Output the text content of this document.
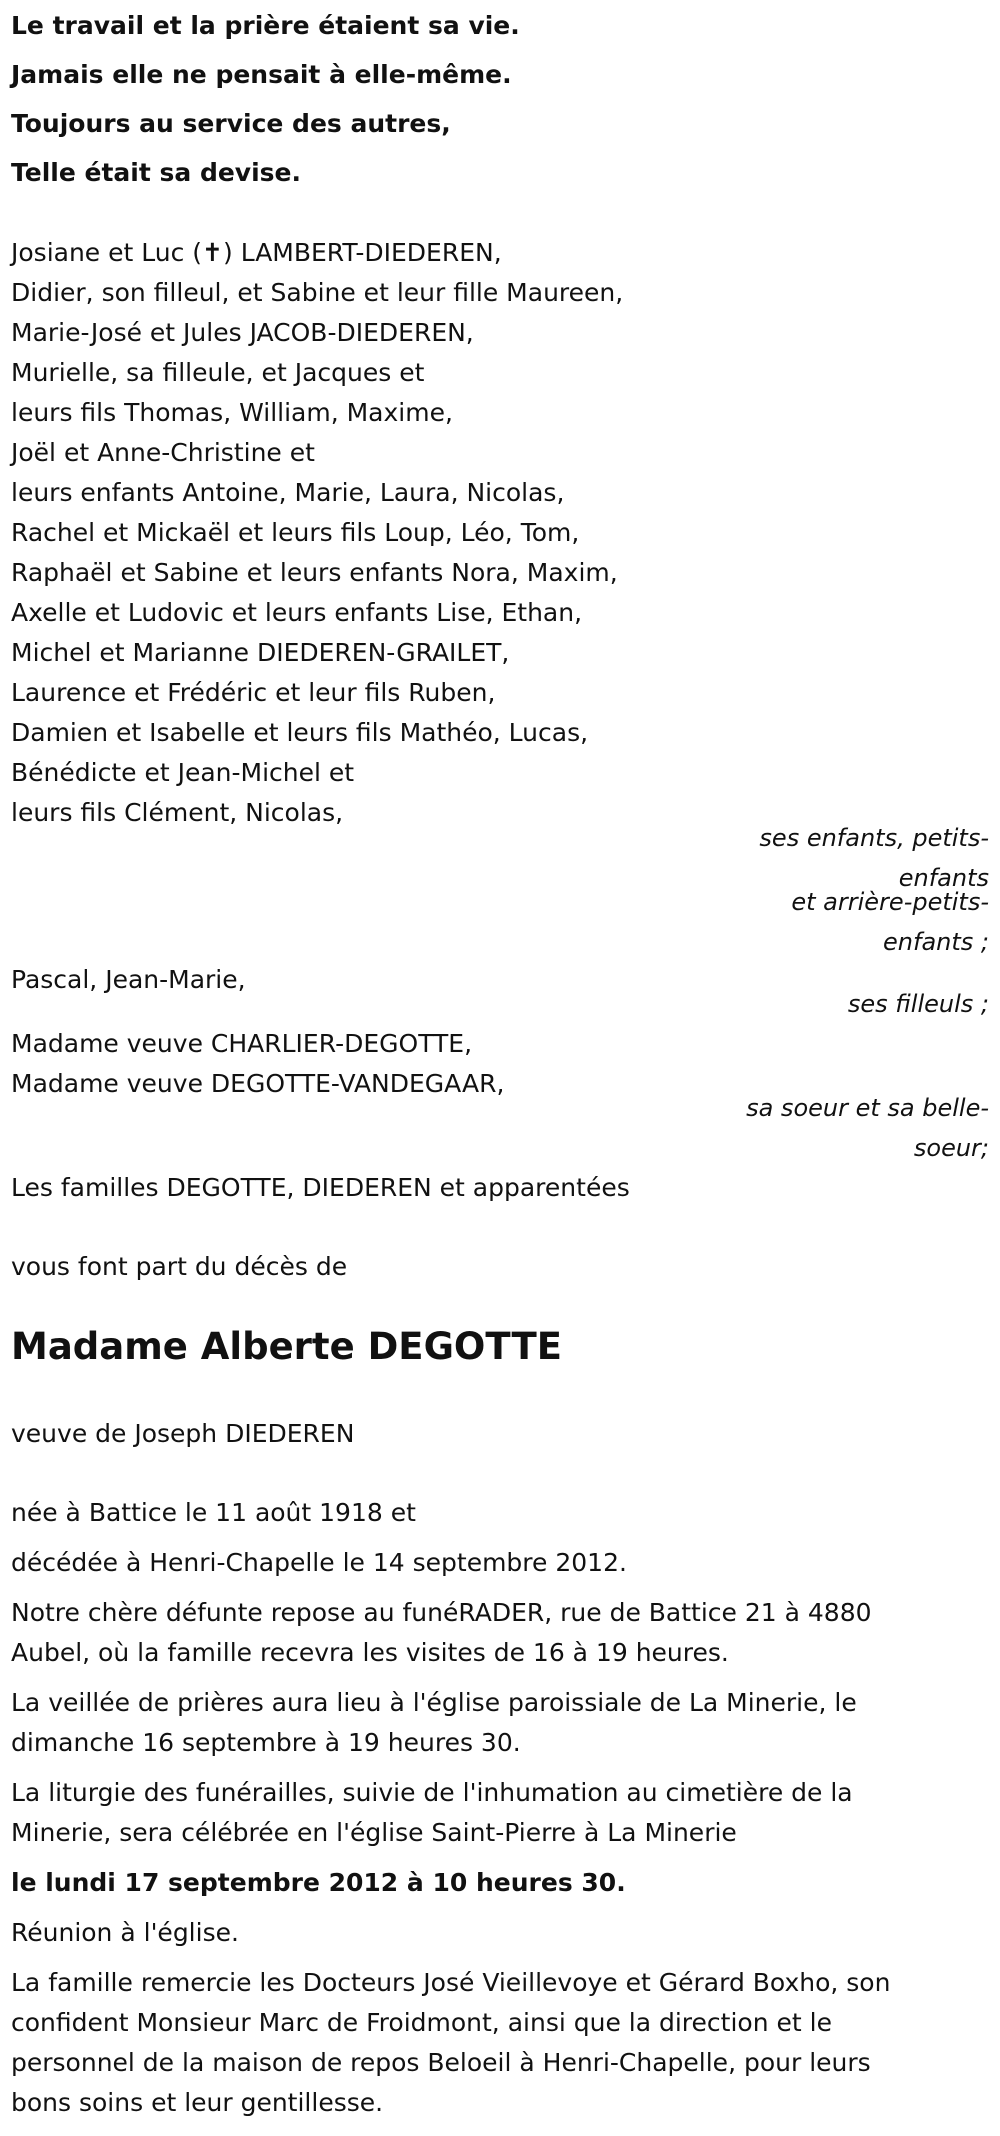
Le travail et la prière étaient sa vie.
Jamais elle ne pensait à elle-même.
Toujours au service des autres,
Telle était sa devise.
Josiane et Luc (✝) LAMBERT-DIEDEREN,
Didier, son filleul, et Sabine et leur fille Maureen,
Marie-José et Jules JACOB-DIEDEREN,
Murielle, sa filleule, et Jacques et
leurs fils Thomas, William, Maxime,
Joël et Anne-Christine et
leurs enfants Antoine, Marie, Laura, Nicolas,
Rachel et Mickaël et leurs fils Loup, Léo, Tom,
Raphaël et Sabine et leurs enfants Nora, Maxim,
Axelle et Ludovic et leurs enfants Lise, Ethan,
Michel et Marianne DIEDEREN-GRAILET,
Laurence et Frédéric et leur fils Ruben,
Damien et Isabelle et leurs fils Mathéo, Lucas,
Bénédicte et Jean-Michel et
leurs fils Clément, Nicolas,
ses enfants, petits-
enfants
et arrière-petits-
enfants ;
Pascal, Jean-Marie,
ses filleuls ;
Madame veuve CHARLIER-DEGOTTE,
Madame veuve DEGOTTE-VANDEGAAR,
sa soeur et sa belle-
soeur;
Les familles DEGOTTE, DIEDEREN et apparentées
vous font part du décès de
Madame Alberte DEGOTTE
veuve de Joseph DIEDEREN
née à Battice le 11 août 1918 et
décédée à Henri-Chapelle le 14 septembre 2012.
Notre chère défunte repose au funéRADER, rue de Battice 21 à 4880
Aubel, où la famille recevra les visites de 16 à 19 heures.
La veillée de prières aura lieu à l'église paroissiale de La Minerie, le
dimanche 16 septembre à 19 heures 30.
La liturgie des funérailles, suivie de l'inhumation au cimetière de la
Minerie, sera célébrée en l'église Saint-Pierre à La Minerie
le lundi 17 septembre 2012 à 10 heures 30.
Réunion à l'église.
La famille remercie les Docteurs José Vieillevoye et Gérard Boxho, son
confident Monsieur Marc de Froidmont, ainsi que la direction et le
personnel de la maison de repos Beloeil à Henri-Chapelle, pour leurs
bons soins et leur gentillesse.
